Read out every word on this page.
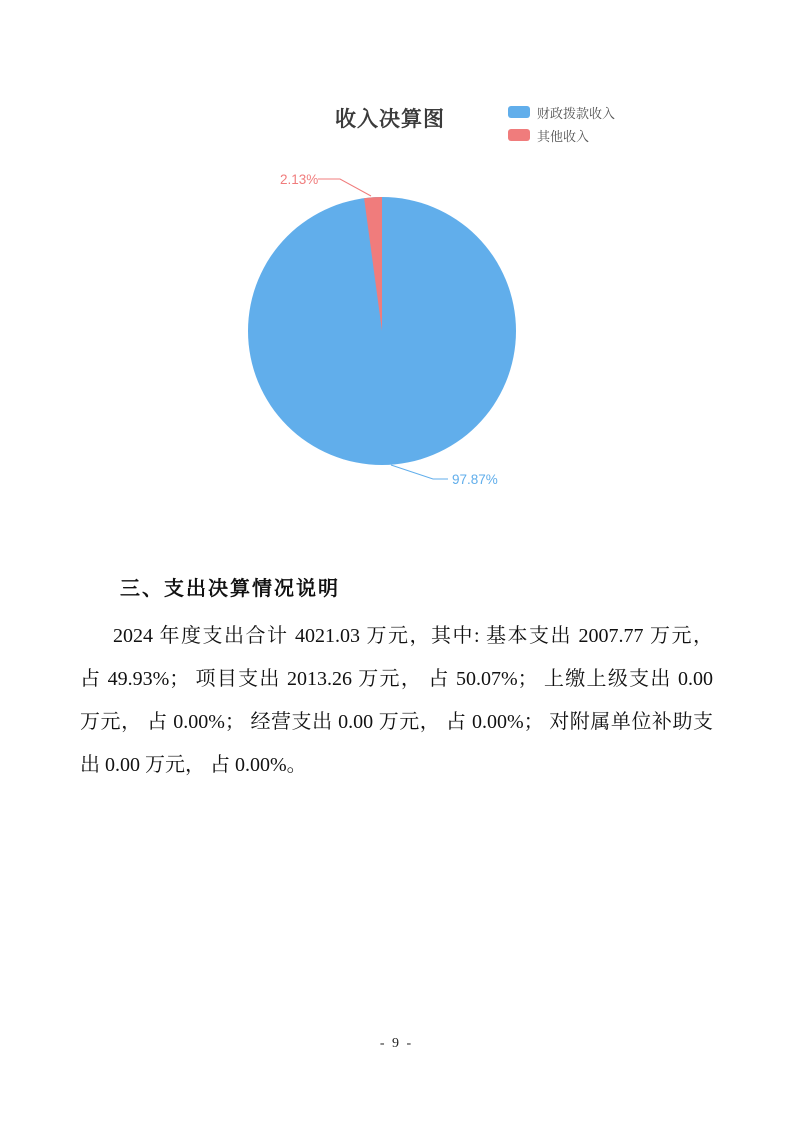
收入决算图	财政拨款收入
其他收入
2.13%
97.87%
三、支出决算情况说明
2024 年度支出合计 4021.03 万元，其中: 基本支出 2007.77 万元，
占 49.93%； 项目支出 2013.26 万元， 占 50.07%； 上缴上级支出 0.00
万元， 占 0.00%； 经营支出 0.00 万元， 占 0.00%； 对附属单位补助支
出 0.00 万元， 占 0.00%。
- 9 -
